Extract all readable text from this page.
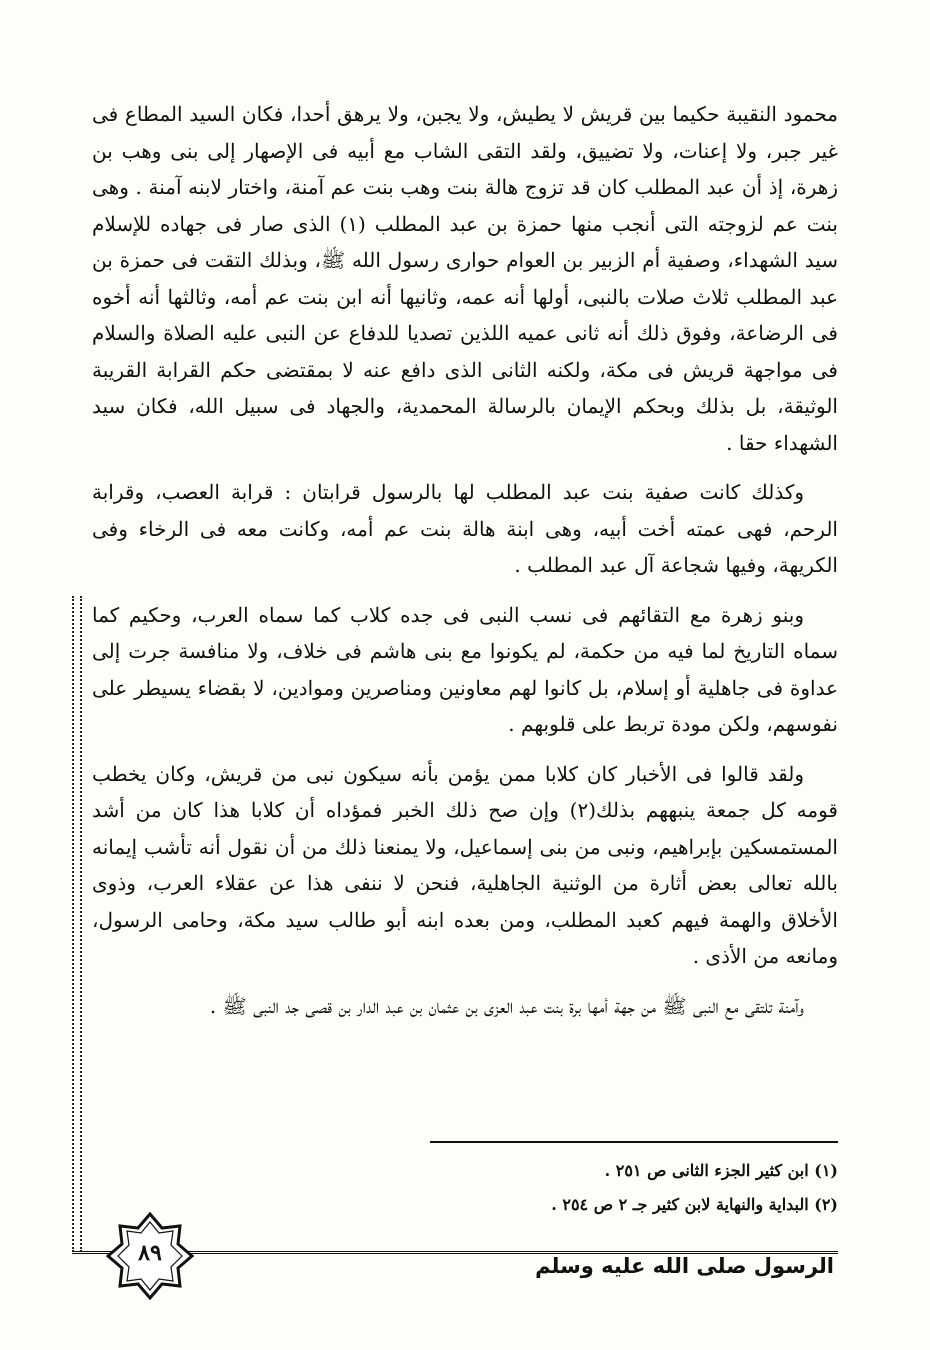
محمود النقيبة حكيما بين قريش لا يطيش، ولا يجبن، ولا يرهق أحدا، فكان السيد المطاع فى غير جبر، ولا إعنات، ولا تضييق، ولقد التقى الشاب مع أبيه فى الإصهار إلى بنى وهب بن زهرة، إذ أن عبد المطلب كان قد تزوج هالة بنت وهب بنت عم آمنة، واختار لابنه آمنة . وهى بنت عم لزوجته التى أنجب منها حمزة بن عبد المطلب (١) الذى صار فى جهاده للإسلام سيد الشهداء، وصفية أم الزبير بن العوام حوارى رسول الله ﷺ، وبذلك التقت فى حمزة بن عبد المطلب ثلاث صلات بالنبى، أولها أنه عمه، وثانيها أنه ابن بنت عم أمه، وثالثها أنه أخوه فى الرضاعة، وفوق ذلك أنه ثانى عميه اللذين تصديا للدفاع عن النبى عليه الصلاة والسلام فى مواجهة قريش فى مكة، ولكنه الثانى الذى دافع عنه لا بمقتضى حكم القرابة القريبة الوثيقة، بل بذلك وبحكم الإيمان بالرسالة المحمدية، والجهاد فى سبيل الله، فكان سيد الشهداء حقا .

وكذلك كانت صفية بنت عبد المطلب لها بالرسول قرابتان : قرابة العصب، وقرابة الرحم، فهى عمته أخت أبيه، وهى ابنة هالة بنت عم أمه، وكانت معه فى الرخاء وفى الكريهة، وفيها شجاعة آل عبد المطلب .

وبنو زهرة مع التقائهم فى نسب النبى فى جده كلاب كما سماه العرب، وحكيم كما سماه التاريخ لما فيه من حكمة، لم يكونوا مع بنى هاشم فى خلاف، ولا منافسة جرت إلى عداوة فى جاهلية أو إسلام، بل كانوا لهم معاونين ومناصرين وموادين، لا بقضاء يسيطر على نفوسهم، ولكن مودة تربط على قلوبهم .

ولقد قالوا فى الأخبار كان كلابا ممن يؤمن بأنه سيكون نبى من قريش، وكان يخطب قومه كل جمعة ينبههم بذلك(٢) وإن صح ذلك الخبر فمؤداه أن كلابا هذا كان من أشد المستمسكين بإبراهيم، ونبى من بنى إسماعيل، ولا يمنعنا ذلك من أن نقول أنه تأشب إيمانه بالله تعالى بعض أثارة من الوثنية الجاهلية، فنحن لا ننفى هذا عن عقلاء العرب، وذوى الأخلاق والهمة فيهم كعبد المطلب، ومن بعده ابنه أبو طالب سيد مكة، وحامى الرسول، ومانعه من الأذى .

وآمنة تلتقى مع النبى ﷺ من جهة أمها برة بنت عبد العزى بن عثمان بن عبد الدار بن قصى جد النبى ﷺ .

(١) ابن كثير الجزء الثانى ص ٢٥١ .
(٢) البداية والنهاية لابن كثير جـ ٢ ص ٢٥٤ .
الرسول صلى الله عليه وسلم
٨٩
